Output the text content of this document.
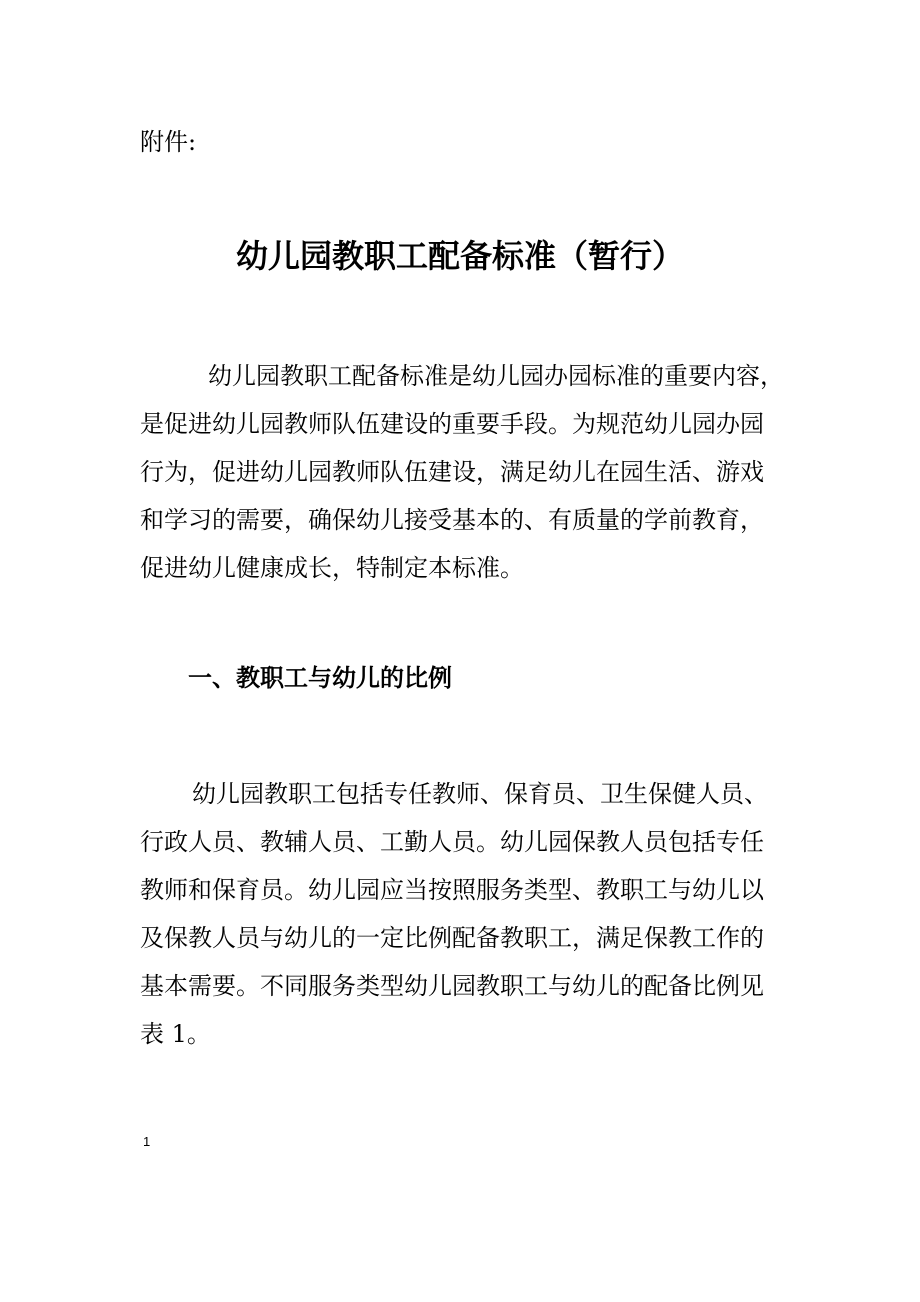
附件:
幼儿园教职工配备标准（暂行）
幼儿园教职工配备标准是幼儿园办园标准的重要内容，
是促进幼儿园教师队伍建设的重要手段。为规范幼儿园办园
行为，促进幼儿园教师队伍建设，满足幼儿在园生活、游戏
和学习的需要，确保幼儿接受基本的、有质量的学前教育，
促进幼儿健康成长，特制定本标准。
一、教职工与幼儿的比例
幼儿园教职工包括专任教师、保育员、卫生保健人员、
行政人员、教辅人员、工勤人员。幼儿园保教人员包括专任
教师和保育员。幼儿园应当按照服务类型、教职工与幼儿以
及保教人员与幼儿的一定比例配备教职工，满足保教工作的
基本需要。不同服务类型幼儿园教职工与幼儿的配备比例见
表 1。
1
